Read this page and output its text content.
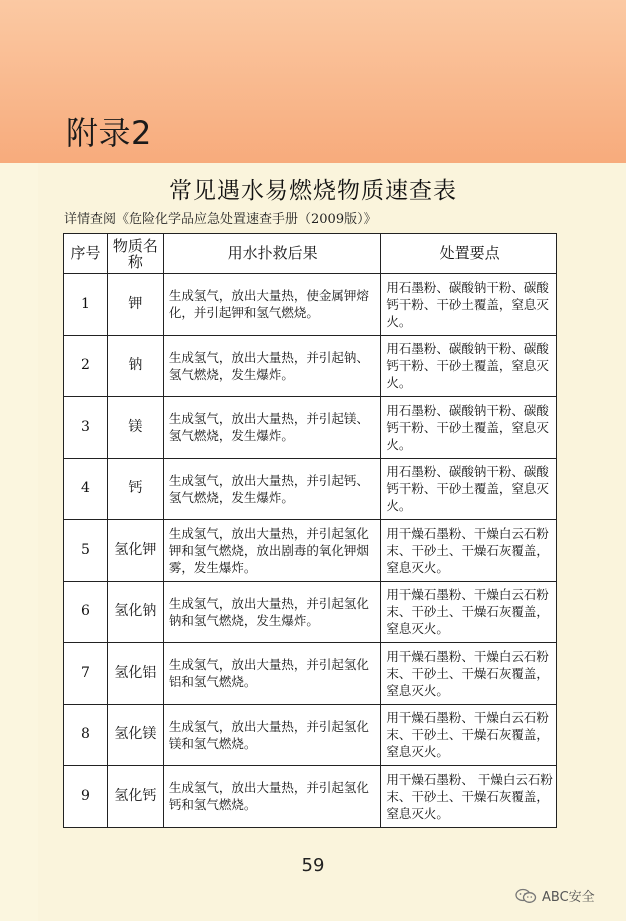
附录2
常见遇水易燃烧物质速查表
详情查阅《危险化学品应急处置速查手册（2009版）》
序号	物质名称	用水扑救后果	处置要点
1	钾	生成氢气，放出大量热，使金属钾熔化，并引起钾和氢气燃烧。	用石墨粉、碳酸钠干粉、碳酸钙干粉、干砂土覆盖，窒息灭火。
2	钠	生成氢气，放出大量热，并引起钠、氢气燃烧，发生爆炸。	用石墨粉、碳酸钠干粉、碳酸钙干粉、干砂土覆盖，窒息灭火。
3	镁	生成氢气，放出大量热，并引起镁、氢气燃烧，发生爆炸。	用石墨粉、碳酸钠干粉、碳酸钙干粉、干砂土覆盖，窒息灭火。
4	钙	生成氢气，放出大量热，并引起钙、氢气燃烧，发生爆炸。	用石墨粉、碳酸钠干粉、碳酸钙干粉、干砂土覆盖，窒息灭火。
5	氢化钾	生成氢气，放出大量热，并引起氢化钾和氢气燃烧，放出剧毒的氧化钾烟雾，发生爆炸。	用干燥石墨粉、干燥白云石粉末、干砂土、干燥石灰覆盖，窒息灭火。
6	氢化钠	生成氢气，放出大量热，并引起氢化钠和氢气燃烧，发生爆炸。	用干燥石墨粉、干燥白云石粉末、干砂土、干燥石灰覆盖，窒息灭火。
7	氢化铝	生成氢气，放出大量热，并引起氢化铝和氢气燃烧。	用干燥石墨粉、干燥白云石粉末、干砂土、干燥石灰覆盖，窒息灭火。
8	氢化镁	生成氢气，放出大量热，并引起氢化镁和氢气燃烧。	用干燥石墨粉、干燥白云石粉末、干砂土、干燥石灰覆盖，窒息灭火。
9	氢化钙	生成氢气，放出大量热，并引起氢化钙和氢气燃烧。	用干燥石墨粉、 干燥白云石粉末、干砂土、干燥石灰覆盖， 窒息灭火。
59
ABC安全
